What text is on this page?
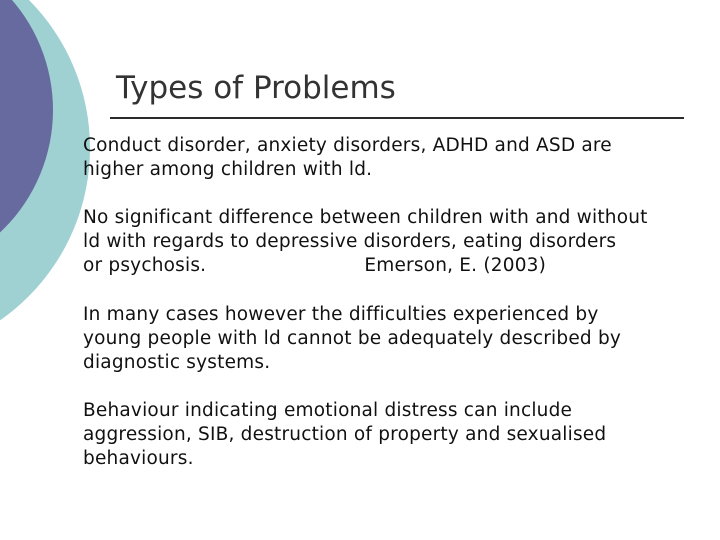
Types of Problems

Conduct disorder, anxiety disorders, ADHD and ASD are
higher among children with ld.

No significant difference between children with and without
ld with regards to depressive disorders, eating disorders
or psychosis.                          Emerson, E. (2003)

In many cases however the difficulties experienced by
young people with ld cannot be adequately described by
diagnostic systems.

Behaviour indicating emotional distress can include
aggression, SIB, destruction of property and sexualised
behaviours.
